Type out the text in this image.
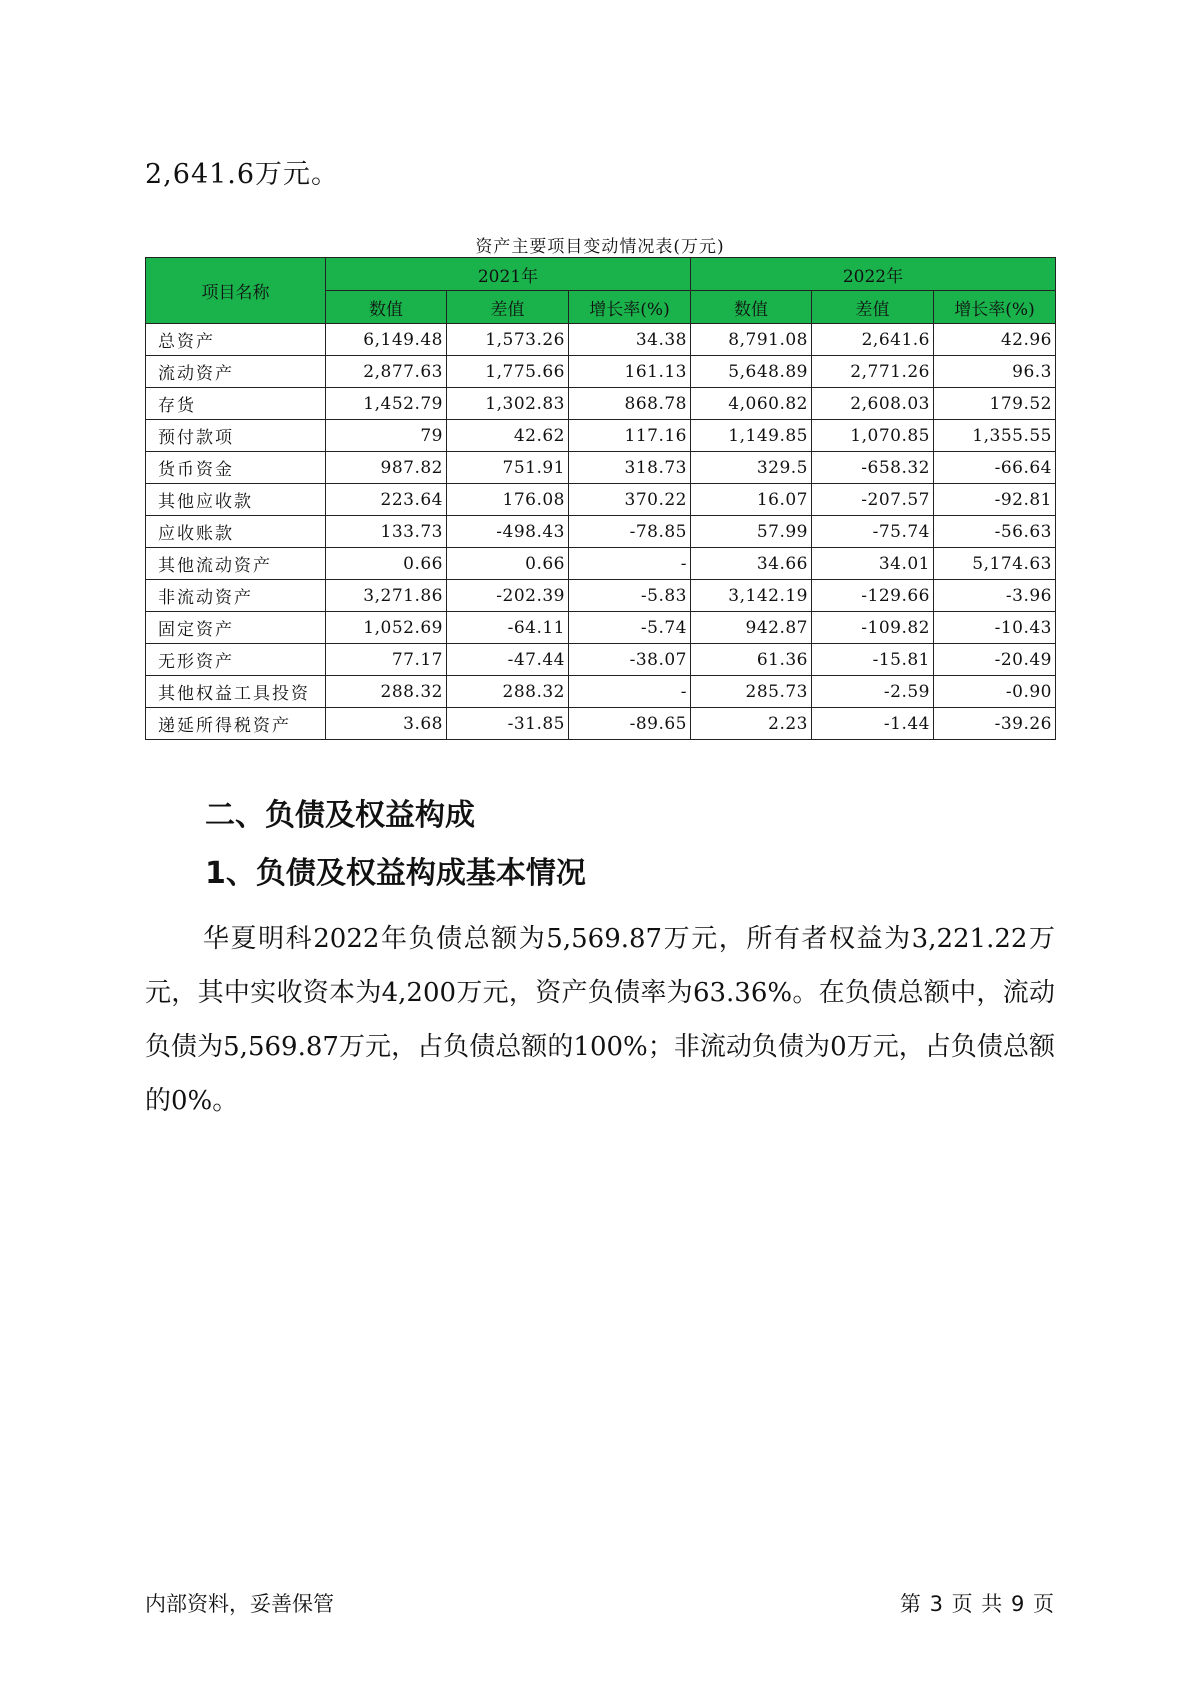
2,641.6万元。
资产主要项目变动情况表(万元)
项目名称	2021年			2022年		
	数值	差值	增长率(%)	数值	差值	增长率(%)
总资产	6,149.48	1,573.26	34.38	8,791.08	2,641.6	42.96
流动资产	2,877.63	1,775.66	161.13	5,648.89	2,771.26	96.3
存货	1,452.79	1,302.83	868.78	4,060.82	2,608.03	179.52
预付款项	79	42.62	117.16	1,149.85	1,070.85	1,355.55
货币资金	987.82	751.91	318.73	329.5	-658.32	-66.64
其他应收款	223.64	176.08	370.22	16.07	-207.57	-92.81
应收账款	133.73	-498.43	-78.85	57.99	-75.74	-56.63
其他流动资产	0.66	0.66	-	34.66	34.01	5,174.63
非流动资产	3,271.86	-202.39	-5.83	3,142.19	-129.66	-3.96
固定资产	1,052.69	-64.11	-5.74	942.87	-109.82	-10.43
无形资产	77.17	-47.44	-38.07	61.36	-15.81	-20.49
其他权益工具投资	288.32	288.32	-	285.73	-2.59	-0.90
递延所得税资产	3.68	-31.85	-89.65	2.23	-1.44	-39.26
二、负债及权益构成
1、负债及权益构成基本情况

华夏明科2022年负债总额为5,569.87万元，所有者权益为3,221.22万元，其中实收资本为4,200万元，资产负债率为63.36%。在负债总额中，流动负债为5,569.87万元，占负债总额的100%；非流动负债为0万元，占负债总额的0%。

内部资料，妥善保管	第 3 页 共 9 页
